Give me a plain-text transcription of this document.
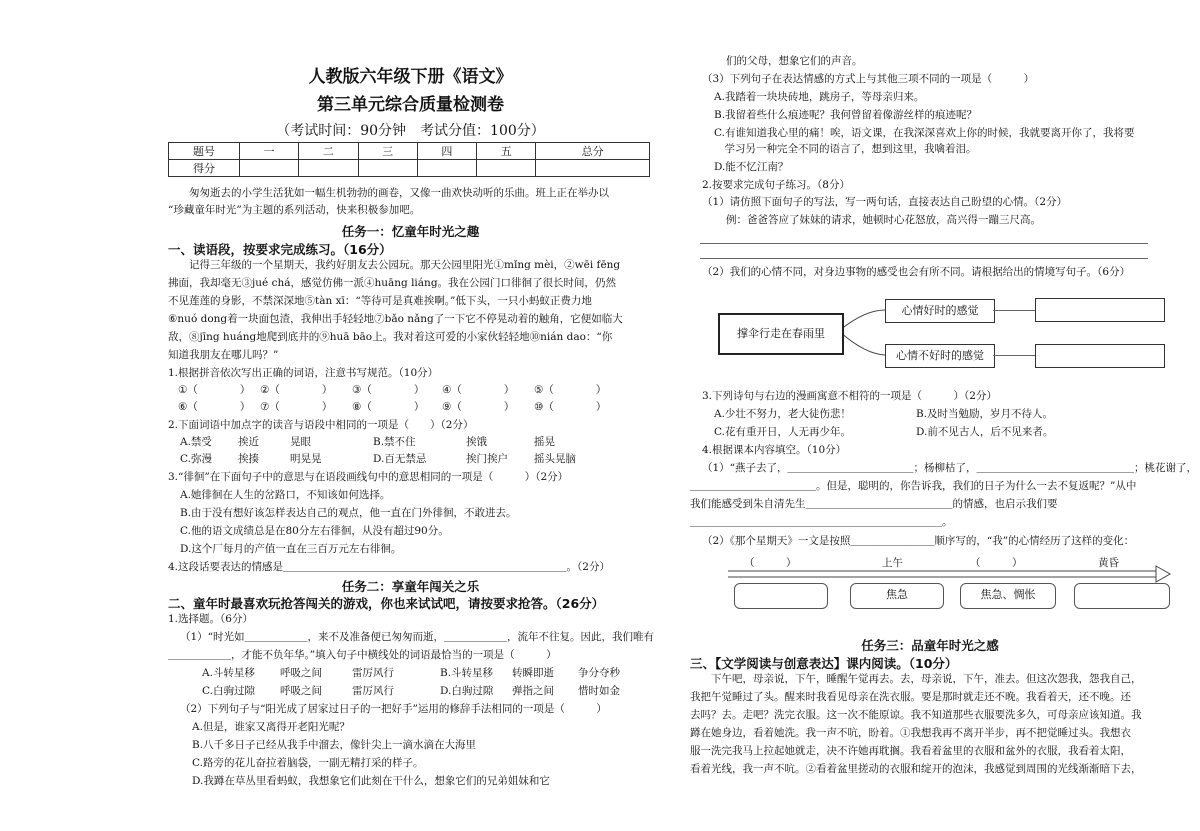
人教版六年级下册《语文》
第三单元综合质量检测卷
（考试时间：90分钟　考试分值：100分）
题号	一	二	三	四	五	总分
得分						
　　匆匆逝去的小学生活犹如一幅生机勃勃的画卷，又像一曲欢快动听的乐曲。班上正在举办以
“珍藏童年时光”为主题的系列活动，快来积极参加吧。
任务一：忆童年时光之趣
一、读语段，按要求完成练习。（16分）
　　记得三年级的一个星期天，我约好朋友去公园玩。那天公园里阳光①mǐng mèi，②wēi fēng
拂面，我却毫无③jué chá，感觉仿佛一派④huāng liáng。我在公园门口徘徊了很长时间，仍然
不见莲莲的身影，不禁深深地⑤tàn xī：“等待可是真难挨啊。”低下头，一只小蚂蚁正费力地
⑥nuó dong着一块面包渣，我伸出手轻轻地⑦bǎo nǎng了一下它不停晃动着的触角，它便如临大
敌，⑧jīng huáng地爬到底井的⑨huā bāo上。我对着这可爱的小家伙轻轻地⑩nián dao：“你
知道我朋友在哪儿吗？”
1.根据拼音依次写出正确的词语，注意书写规范。（10分）
①（　　　　） ②（　　　　） ③（　　　　） ④（　　　　） ⑤（　　　　）
⑥（　　　　） ⑦（　　　　） ⑧（　　　　） ⑨（　　　　） ⑩（　　　　）
2.下面词语中加点字的读音与语段中相同的一项是（　　）（2分）
A.禁受 挨近	晃眼	B.禁不住	挨饿	摇晃
C.弥漫 挨揍	明晃晃	D.百无禁忌	挨门挨户 摇头晃脑
3.“徘徊”在下面句子中的意思与在语段画线句中的意思相同的一项是（　　　）（2分）
A.她徘徊在人生的岔路口，不知该如何选择。
B.由于没有想好该怎样表达自己的观点，他一直在门外徘徊，不敢进去。
C.他的语文成绩总是在80分左右徘徊，从没有超过90分。
D.这个厂每月的产值一直在三百万元左右徘徊。
4.这段话要表达的情感是＿＿＿＿＿＿＿＿＿＿＿＿＿＿＿＿＿＿＿＿＿＿＿＿＿＿＿。（2分）
任务二：享童年闯关之乐
二、童年时最喜欢玩抢答闯关的游戏，你也来试试吧，请按要求抢答。（26分）
1.选择题。（6分）
（1）“时光如＿＿＿＿＿＿，来不及准备便已匆匆而逝，＿＿＿＿＿＿，流年不往复。因此，我们唯有
＿＿＿＿＿＿，才能不负年华。”填入句子中横线处的词语最恰当的一项是（　　　）
A.斗转星移 呼吸之间	雷厉风行	B.斗转星移 转瞬即逝 争分夺秒
C.白驹过隙 呼吸之间	雷厉风行	D.白驹过隙 弹指之间 惜时如金
（2）下列句子与“阳光成了居家过日子的一把好手”运用的修辞手法相同的一项是（　　　）
A.但是，谁家又离得开老阳光呢？
B.八千多日子已经从我手中溜去，像针尖上一滴水滴在大海里
C.路旁的花儿奋拉着脑袋，一副无精打采的样子。
D.我蹲在草丛里看蚂蚁，我想象它们此刻在干什么，想象它们的兄弟姐妹和它
们的父母，想象它们的声音。
（3）下列句子在表达情感的方式上与其他三项不同的一项是（　　　）
A.我踏着一块块砖地，跳房子，等母亲归来。
B.我留着些什么痕迹呢？我何曾留着像游丝样的痕迹呢？
C.有谁知道我心里的痛！唉，语文课，在我深深喜欢上你的时候，我就要离开你了，我将要
　学习另一种完全不同的语言了，想到这里，我噙着泪。
D.能不忆江南？
2.按要求完成句子练习。（8分）
（1）请仿照下面句子的写法，写一两句话，直接表达自己盼望的心情。（2分）
例：爸爸答应了妹妹的请求，她顿时心花怒放，高兴得一蹦三尺高。
（2）我们的心情不同，对身边事物的感受也会有所不同。请根据给出的情境写句子。（6分）
撑伞行走在春雨里
心情好时的感觉
心情不好时的感觉
3.下列诗句与右边的漫画寓意不相符的一项是（　　　）（2分）
A.少壮不努力，老大徒伤悲！	B.及时当勉励，岁月不待人。
C.花有重开日，人无再少年。	D.前不见古人，后不见来者。
4.根据课本内容填空。（10分）
（1）“燕子去了，＿＿＿＿＿＿＿＿＿＿＿＿；杨柳枯了，＿＿＿＿＿＿＿＿＿＿＿＿＿＿＿；桃花谢了，
＿＿＿＿＿＿＿＿＿＿＿＿。但是，聪明的，你告诉我，我们的日子为什么一去不复返呢？”从中
我们能感受到朱自清先生＿＿＿＿＿＿＿＿＿＿＿＿＿＿的情感，也启示我们要
＿＿＿＿＿＿＿＿＿＿＿＿＿＿＿＿＿＿＿＿＿＿＿＿。
（2）《那个星期天》一文是按照＿＿＿＿＿＿＿＿顺序写的，“我”的心情经历了这样的变化：
（　　　）	上午	（　　　）	黄昏
焦急	焦急、惆怅
任务三：品童年时光之感
三、【文学阅读与创意表达】课内阅读。（10分）
　　下午吧，母亲说，下午，睡醒午觉再去。去，母亲说，下午，准去。但这次怨我，怨我自己，
我把午觉睡过了头。醒来时我看见母亲在洗衣服。要是那时就走还不晚。我看着天，还不晚。还
去吗？去。走吧？洗完衣服。这一次不能原谅。我不知道那些衣服要洗多久，可母亲应该知道。我
蹲在她身边，看着她洗。我一声不吭，盼着。①我想我再不离开半步，再不把觉睡过头。我想衣
服一洗完我马上拉起她就走，决不许她再耽搁。我看着盆里的衣服和盆外的衣服，我看着太阳，
看着光线，我一声不吭。②看着盆里搓动的衣服和绽开的泡沫，我感觉到周围的光线渐渐暗下去，
